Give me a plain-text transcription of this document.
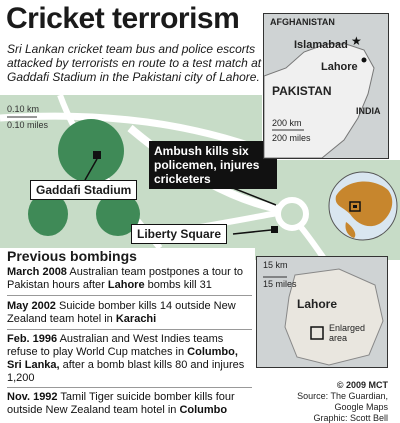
Cricket terrorism
Sri Lankan cricket team bus and police escorts attacked by terrorists en route to a test match at Gaddafi Stadium in the Pakistani city of Lahore.
0.10 km
0.10 miles
Gaddafi Stadium
Ambush kills six policemen, injures cricketers
Liberty Square
★
AFGHANISTAN
Islamabad
Lahore
PAKISTAN
INDIA
200 km
200 miles
15 km
15 miles
Lahore
Enlarged area
Previous bombings
March 2008 Australian team postpones a tour to Pakistan hours after Lahore bombs kill 31
May 2002 Suicide bomber kills 14 outside New Zealand team hotel in Karachi
Feb. 1996 Australian and West Indies teams refuse to play World Cup matches in Columbo, Sri Lanka, after a bomb blast kills 80 and injures 1,200
Nov. 1992 Tamil Tiger suicide bomber kills four outside New Zealand team hotel in Columbo
© 2009 MCT
Source: The Guardian,
Google Maps
Graphic: Scott Bell
